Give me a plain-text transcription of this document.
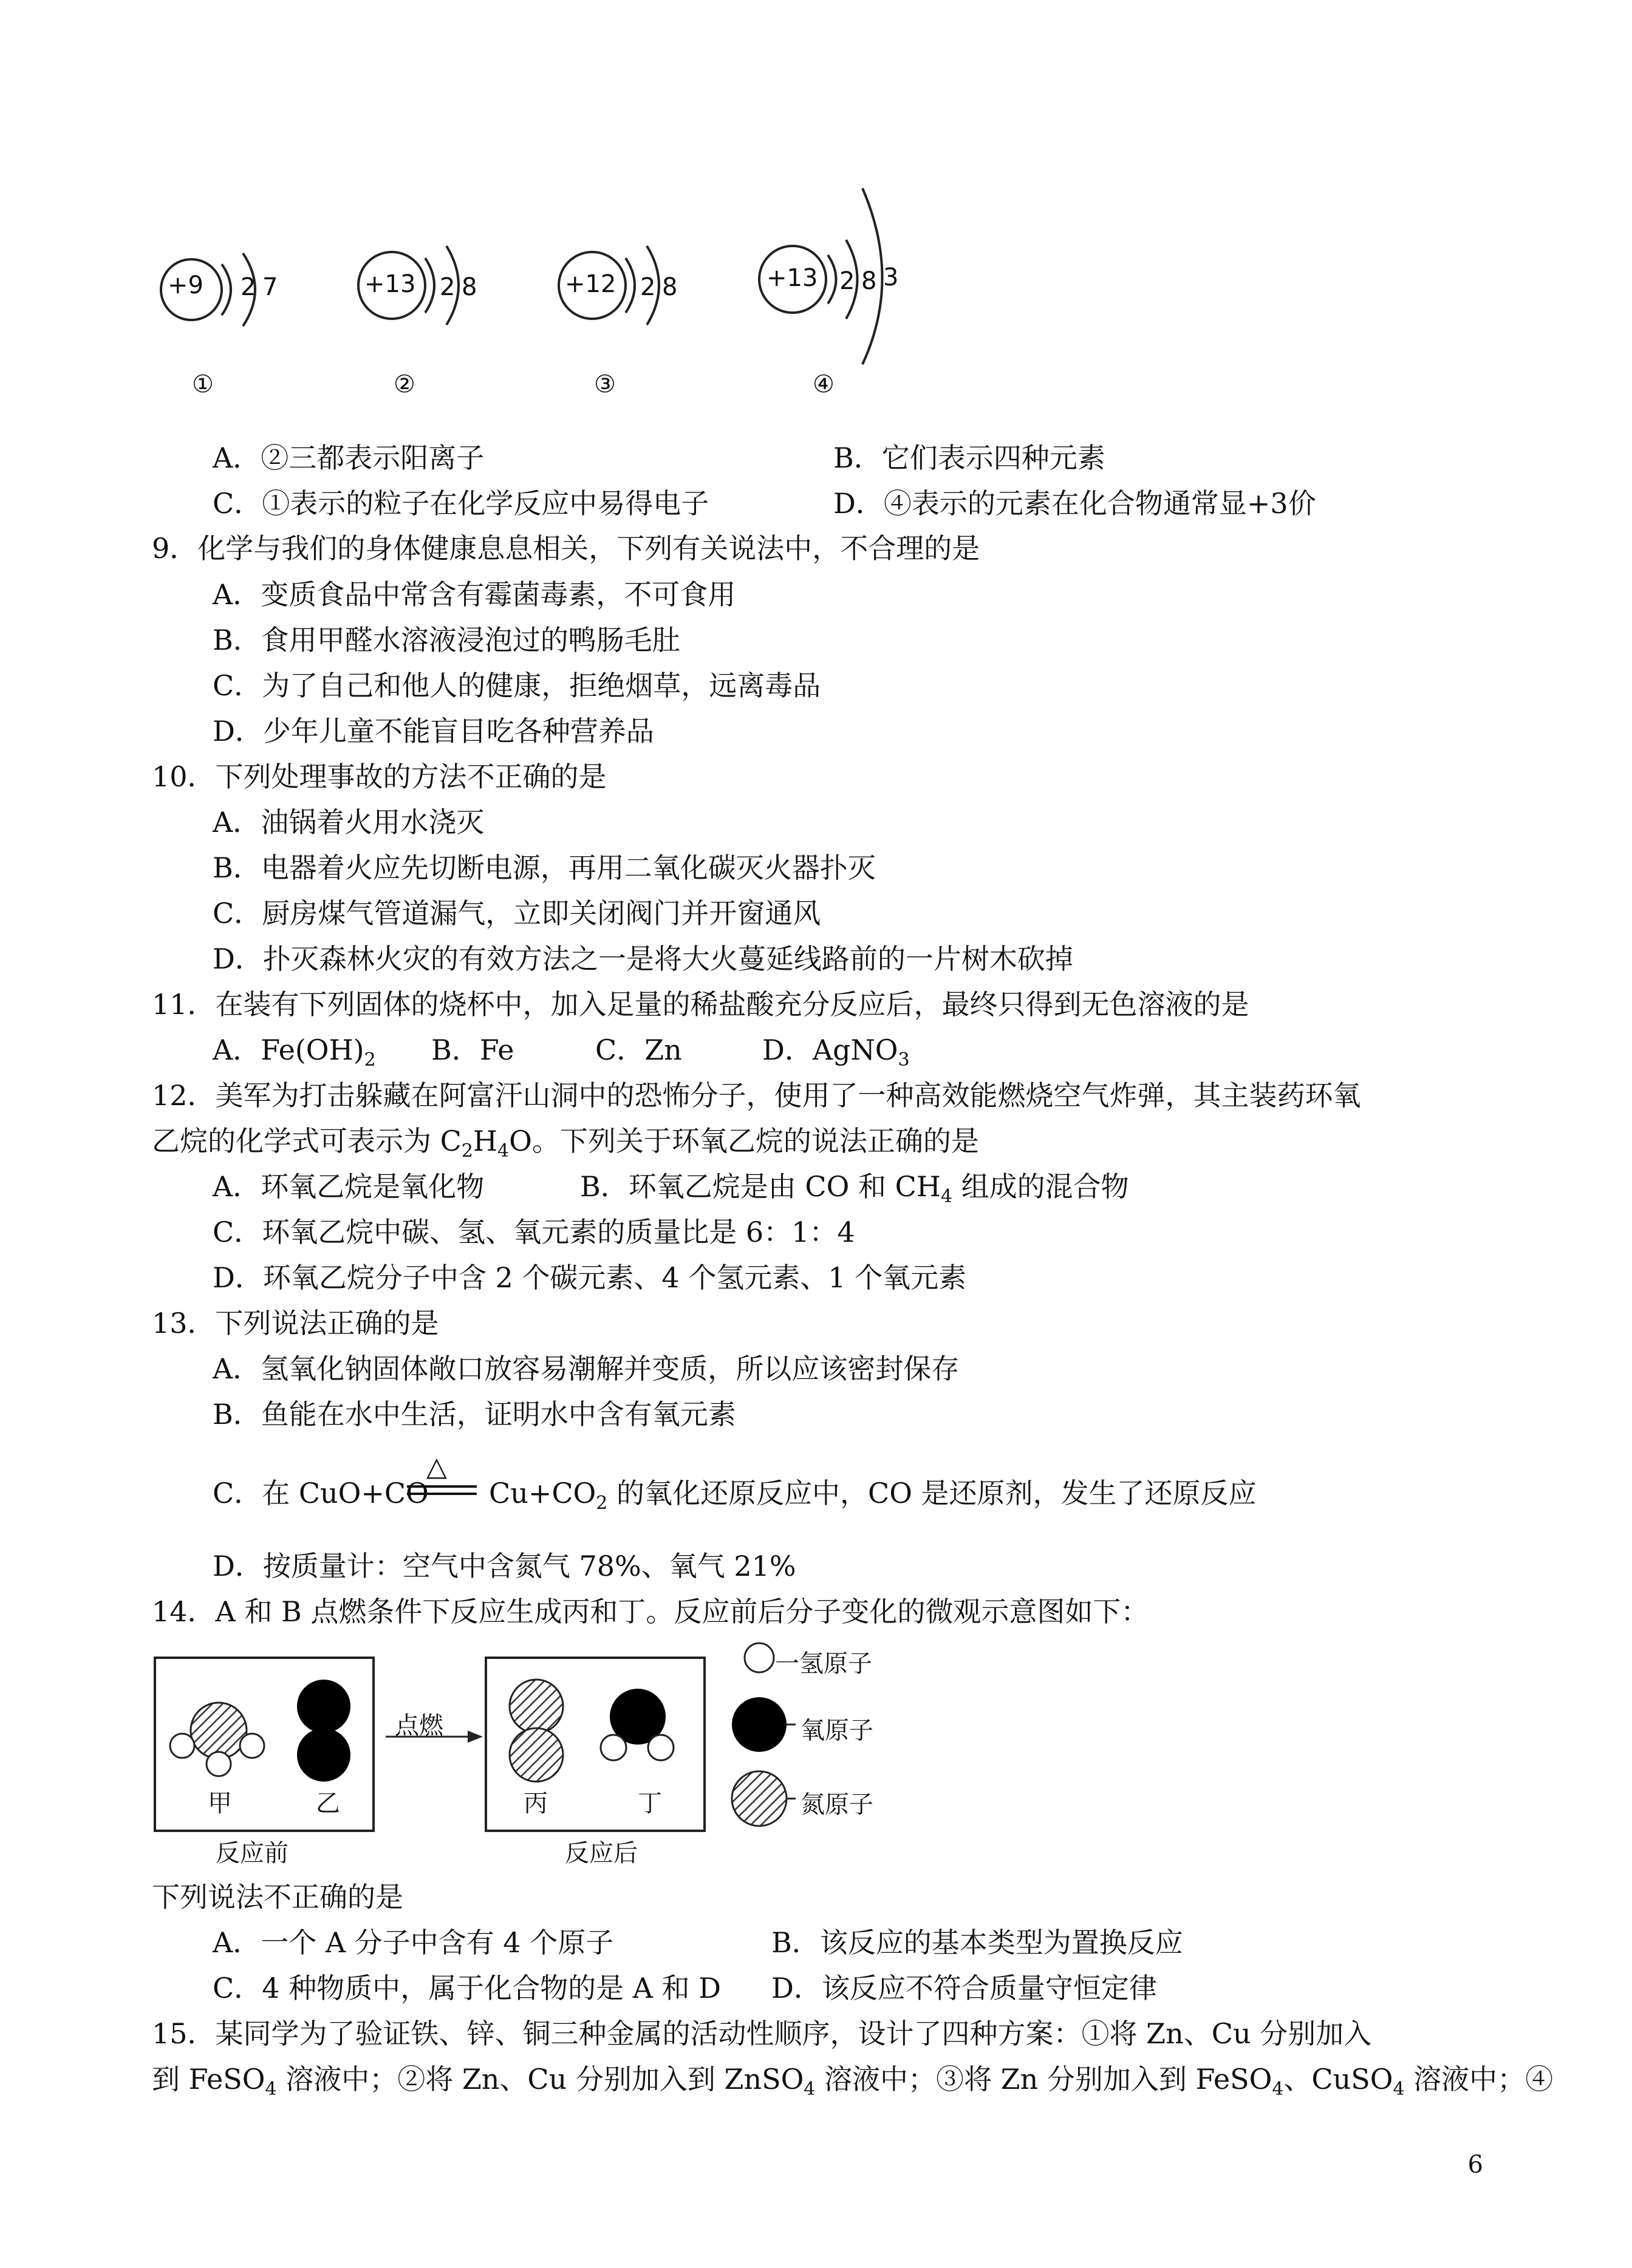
+9 2 7
①
+13 2 8
②
+12 2 8
③
+13 2 8 3
④
A．②三都表示阳离子	B．它们表示四种元素
C．①表示的粒子在化学反应中易得电子	D．④表示的元素在化合物通常显+3价
9．化学与我们的身体健康息息相关，下列有关说法中，不合理的是
A．变质食品中常含有霉菌毒素，不可食用
B．食用甲醛水溶液浸泡过的鸭肠毛肚
C．为了自己和他人的健康，拒绝烟草，远离毒品
D．少年儿童不能盲目吃各种营养品
10．下列处理事故的方法不正确的是
A．油锅着火用水浇灭
B．电器着火应先切断电源，再用二氧化碳灭火器扑灭
C．厨房煤气管道漏气，立即关闭阀门并开窗通风
D．扑灭森林火灾的有效方法之一是将大火蔓延线路前的一片树木砍掉
11．在装有下列固体的烧杯中，加入足量的稀盐酸充分反应后，最终只得到无色溶液的是
A．$Fe(OH)_2$ B．Fe	C．Zn	D．AgNO$_3$
12．美军为打击躲藏在阿富汗山洞中的恐怖分子，使用了一种高效能燃烧空气炸弹，其主装药环氧
乙烷的化学式可表示为 $C_2H_4O$。下列关于环氧乙烷的说法正确的是
A．环氧乙烷是氧化物	B．环氧乙烷是由 CO 和 $CH_4$ 组成的混合物
C．环氧乙烷中碳、氢、氧元素的质量比是 6：1：4
D．环氧乙烷分子中含 2 个碳元素、4 个氢元素、1 个氧元素
13．下列说法正确的是
A．氢氧化钠固体敞口放容易潮解并变质，所以应该密封保存
B．鱼能在水中生活，证明水中含有氧元素
C．在 CuO+CO
△
$Cu+CO_2$ 的氧化还原反应中，CO 是还原剂，发生了还原反应
D．按质量计：空气中含氮气 78%、氧气 21%
14．A 和 B 点燃条件下反应生成丙和丁。反应前后分子变化的微观示意图如下：
甲	乙	丙	丁
点燃
反应前	反应后
一氢原子
氧原子
氮原子
下列说法不正确的是
A．一个 A 分子中含有 4 个原子	B．该反应的基本类型为置换反应
C．4 种物质中，属于化合物的是 A 和 D D．该反应不符合质量守恒定律
15．某同学为了验证铁、锌、铜三种金属的活动性顺序，设计了四种方案：①将 Zn、Cu 分别加入
到 FeSO$_4$ 溶液中；②将 Zn、Cu 分别加入到 ZnSO$_4$ 溶液中；③将 Zn 分别加入到 FeSO$_4$、CuSO$_4$ 溶液中；④
6
